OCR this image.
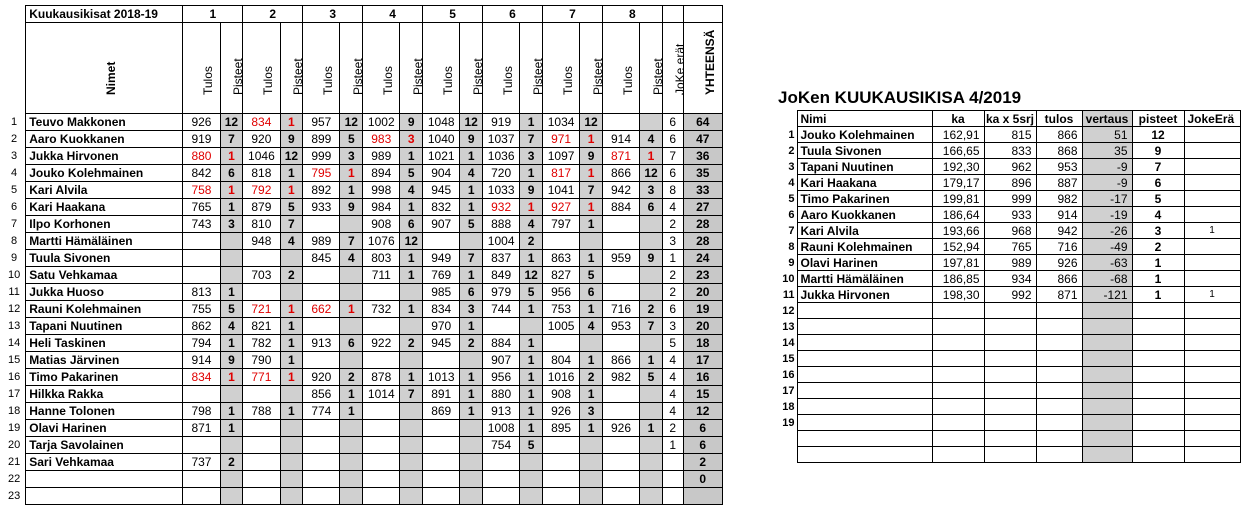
	Kuukausikisat 2018-19	1		2		3		4		5		6		7		8			

	Nimet	Tulos	Pisteet	Tulos	Pisteet	Tulos	Pisteet	Tulos	Pisteet	Tulos	Pisteet	Tulos	Pisteet	Tulos	Pisteet	Tulos	Pisteet	JoKe erät	YHTEENSÄ

1	Teuvo Makkonen	926	12	834	1	957	12	1002	9	1048	12	919	1	1034	12			6	64
2	Aaro Kuokkanen	919	7	920	9	899	5	983	3	1040	9	1037	7	971	1	914	4	6	47
3	Jukka Hirvonen	880	1	1046	12	999	3	989	1	1021	1	1036	3	1097	9	871	1	7	36
4	Jouko Kolehmainen	842	6	818	1	795	1	894	5	904	4	720	1	817	1	866	12	6	35
5	Kari Alvila	758	1	792	1	892	1	998	4	945	1	1033	9	1041	7	942	3	8	33
6	Kari Haakana	765	1	879	5	933	9	984	1	832	1	932	1	927	1	884	6	4	27
7	Ilpo Korhonen	743	3	810	7			908	6	907	5	888	4	797	1			2	28
8	Martti Hämäläinen			948	4	989	7	1076	12			1004	2					3	28
9	Tuula Sivonen					845	4	803	1	949	7	837	1	863	1	959	9	1	24
10	Satu Vehkamaa			703	2			711	1	769	1	849	12	827	5			2	23
11	Jukka Huoso	813	1							985	6	979	5	956	6			2	20
12	Rauni Kolehmainen	755	5	721	1	662	1	732	1	834	3	744	1	753	1	716	2	6	19
13	Tapani Nuutinen	862	4	821	1					970	1			1005	4	953	7	3	20
14	Heli Taskinen	794	1	782	1	913	6	922	2	945	2	884	1					5	18
15	Matias Järvinen	914	9	790	1							907	1	804	1	866	1	4	17
16	Timo Pakarinen	834	1	771	1	920	2	878	1	1013	1	956	1	1016	2	982	5	4	16
17	Hilkka Rakka					856	1	1014	7	891	1	880	1	908	1			4	15
18	Hanne Tolonen	798	1	788	1	774	1			869	1	913	1	926	3			4	12
19	Olavi Harinen	871	1									1008	1	895	1	926	1	2	6
20	Tarja Savolainen											754	5					1	6
21	Sari Vehkamaa	737	2																2
22																			0
23																			
JoKen KUUKAUSIKISA 4/2019
	Nimi	ka	ka x 5srj	tulos	vertaus	pisteet	JokeErä
1	Jouko Kolehmainen	162,91	815	866	51	12	
2	Tuula Sivonen	166,65	833	868	35	9	
3	Tapani Nuutinen	192,30	962	953	-9	7	
4	Kari Haakana	179,17	896	887	-9	6	
5	Timo Pakarinen	199,81	999	982	-17	5	
6	Aaro Kuokkanen	186,64	933	914	-19	4	
7	Kari Alvila	193,66	968	942	-26	3	1
8	Rauni Kolehmainen	152,94	765	716	-49	2	
9	Olavi Harinen	197,81	989	926	-63	1	
10	Martti Hämäläinen	186,85	934	866	-68	1	
11	Jukka Hirvonen	198,30	992	871	-121	1	1
12							
13							
14							
15							
16							
17							
18							
19							
